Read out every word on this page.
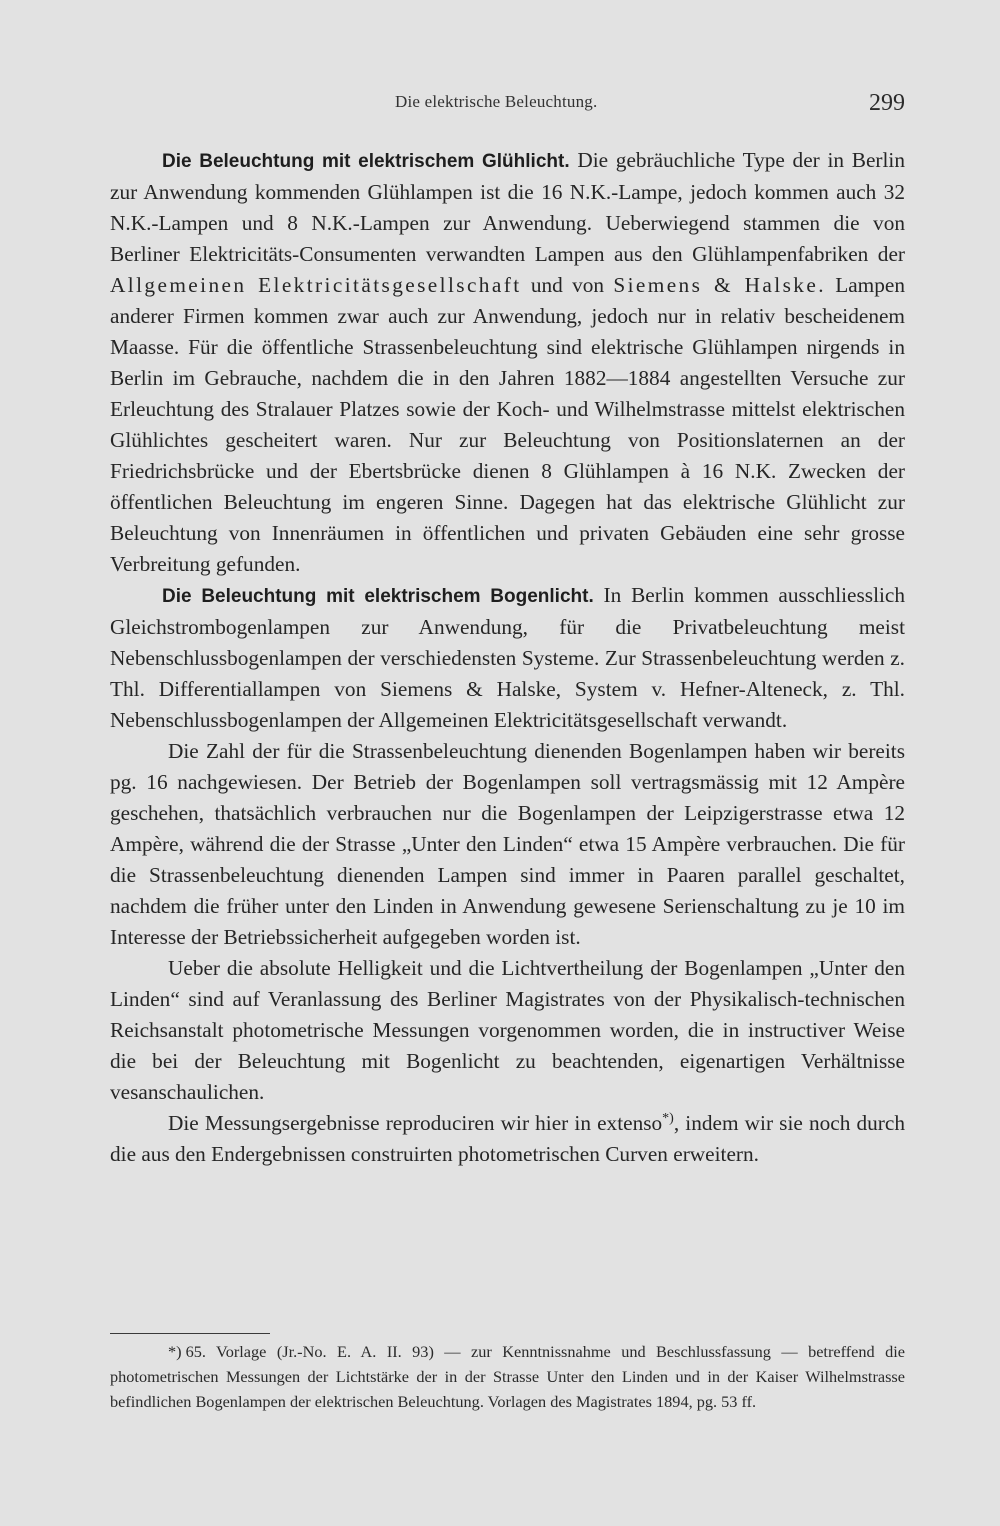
Die elektrische Beleuchtung.	299

Die Beleuchtung mit elektrischem Glühlicht. Die gebräuchliche Type der in Berlin zur Anwendung kommenden Glühlampen ist die 16 N.K.-Lampe, jedoch kommen auch 32 N.K.-Lampen und 8 N.K.-Lampen zur Anwendung. Ueberwiegend stammen die von Berliner Elektricitäts-Consumenten verwandten Lampen aus den Glühlampenfabriken der Allgemeinen Elektricitätsgesellschaft und von Siemens & Halske. Lampen anderer Firmen kommen zwar auch zur Anwendung, jedoch nur in relativ bescheidenem Maasse. Für die öffentliche Strassenbeleuchtung sind elektrische Glühlampen nirgends in Berlin im Gebrauche, nachdem die in den Jahren 1882—1884 angestellten Versuche zur Erleuchtung des Stralauer Platzes sowie der Koch- und Wilhelmstrasse mittelst elektrischen Glühlichtes gescheitert waren. Nur zur Beleuchtung von Positionslaternen an der Friedrichsbrücke und der Ebertsbrücke dienen 8 Glühlampen à 16 N.K. Zwecken der öffentlichen Beleuchtung im engeren Sinne. Dagegen hat das elektrische Glühlicht zur Beleuchtung von Innenräumen in öffentlichen und privaten Gebäuden eine sehr grosse Verbreitung gefunden.

Die Beleuchtung mit elektrischem Bogenlicht. In Berlin kommen ausschliesslich Gleichstrombogenlampen zur Anwendung, für die Privatbeleuchtung meist Nebenschlussbogenlampen der verschiedensten Systeme. Zur Strassenbeleuchtung werden z. Thl. Differentiallampen von Siemens & Halske, System v. Hefner-Alteneck, z. Thl. Nebenschlussbogenlampen der Allgemeinen Elektricitätsgesellschaft verwandt.

Die Zahl der für die Strassenbeleuchtung dienenden Bogenlampen haben wir bereits pg. 16 nachgewiesen. Der Betrieb der Bogenlampen soll vertragsmässig mit 12 Ampère geschehen, thatsächlich verbrauchen nur die Bogenlampen der Leipzigerstrasse etwa 12 Ampère, während die der Strasse „Unter den Linden“ etwa 15 Ampère verbrauchen. Die für die Strassenbeleuchtung dienenden Lampen sind immer in Paaren parallel geschaltet, nachdem die früher unter den Linden in Anwendung gewesene Serienschaltung zu je 10 im Interesse der Betriebssicherheit aufgegeben worden ist.

Ueber die absolute Helligkeit und die Lichtvertheilung der Bogenlampen „Unter den Linden“ sind auf Veranlassung des Berliner Magistrates von der Physikalisch-technischen Reichsanstalt photometrische Messungen vorgenommen worden, die in instructiver Weise die bei der Beleuchtung mit Bogenlicht zu beachtenden, eigenartigen Verhältnisse vesanschaulichen.

Die Messungsergebnisse reproduciren wir hier in extenso*), indem wir sie noch durch die aus den Endergebnissen construirten photometrischen Curven erweitern.

*) 65. Vorlage (Jr.-No. E. A. II. 93) — zur Kenntnissnahme und Beschlussfassung — betreffend die photometrischen Messungen der Lichtstärke der in der Strasse Unter den Linden und in der Kaiser Wilhelmstrasse befindlichen Bogenlampen der elektrischen Beleuchtung. Vorlagen des Magistrates 1894, pg. 53 ff.
